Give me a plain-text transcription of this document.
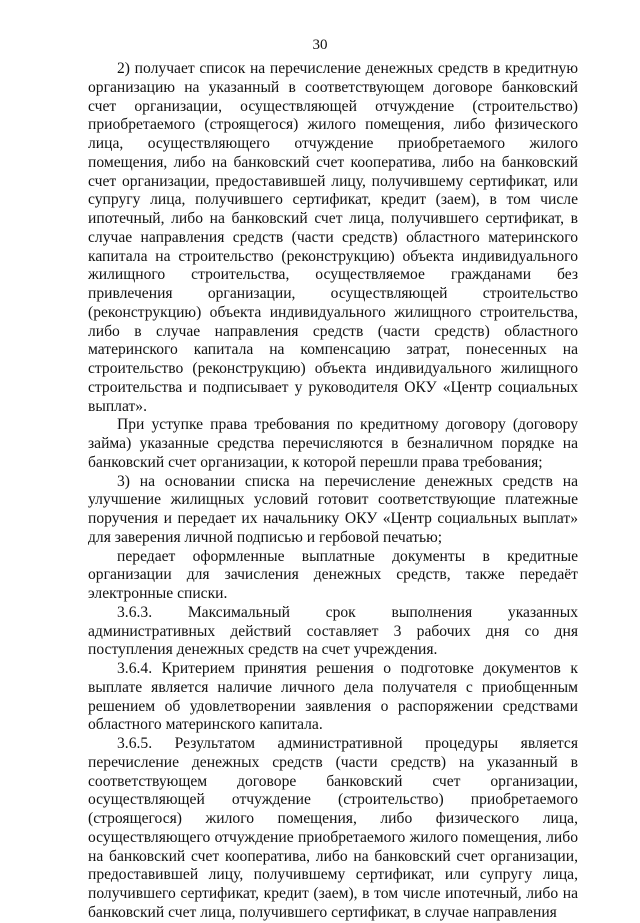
30

2) получает список на перечисление денежных средств в кредитную организацию на указанный в соответствующем договоре банковский счет организации, осуществляющей отчуждение (строительство) приобретаемого (строящегося) жилого помещения, либо физического лица, осуществляющего отчуждение приобретаемого жилого помещения, либо на банковский счет кооператива, либо на банковский счет организации, предоставившей лицу, получившему сертификат, или супругу лица, получившего сертификат, кредит (заем), в том числе ипотечный, либо на банковский счет лица, получившего сертификат, в случае направления средств (части средств) областного материнского капитала на строительство (реконструкцию) объекта индивидуального жилищного строительства, осуществляемое гражданами без привлечения организации, осуществляющей строительство (реконструкцию) объекта индивидуального жилищного строительства, либо в случае направления средств (части средств) областного материнского капитала на компенсацию затрат, понесенных на строительство (реконструкцию) объекта индивидуального жилищного строительства и подписывает у руководителя ОКУ «Центр социальных выплат».

При уступке права требования по кредитному договору (договору займа) указанные средства перечисляются в безналичном порядке на банковский счет организации, к которой перешли права требования;

3) на основании списка на перечисление денежных средств на улучшение жилищных условий готовит соответствующие платежные поручения и передает их начальнику ОКУ «Центр социальных выплат» для заверения личной подписью и гербовой печатью;

передает оформленные выплатные документы в кредитные организации для зачисления денежных средств, также передаёт электронные списки.

3.6.3. Максимальный срок выполнения указанных административных действий составляет 3 рабочих дня со дня поступления денежных средств на счет учреждения.

3.6.4. Критерием принятия решения о подготовке документов к выплате является наличие личного дела получателя с приобщенным решением об удовлетворении заявления о распоряжении средствами областного материнского капитала.

3.6.5. Результатом административной процедуры является перечисление денежных средств (части средств) на указанный в соответствующем договоре банковский счет организации, осуществляющей отчуждение (строительство) приобретаемого (строящегося) жилого помещения, либо физического лица, осуществляющего отчуждение приобретаемого жилого помещения, либо на банковский счет кооператива, либо на банковский счет организации, предоставившей лицу, получившему сертификат, или супругу лица, получившего сертификат, кредит (заем), в том числе ипотечный, либо на банковский счет лица, получившего сертификат, в случае направления
